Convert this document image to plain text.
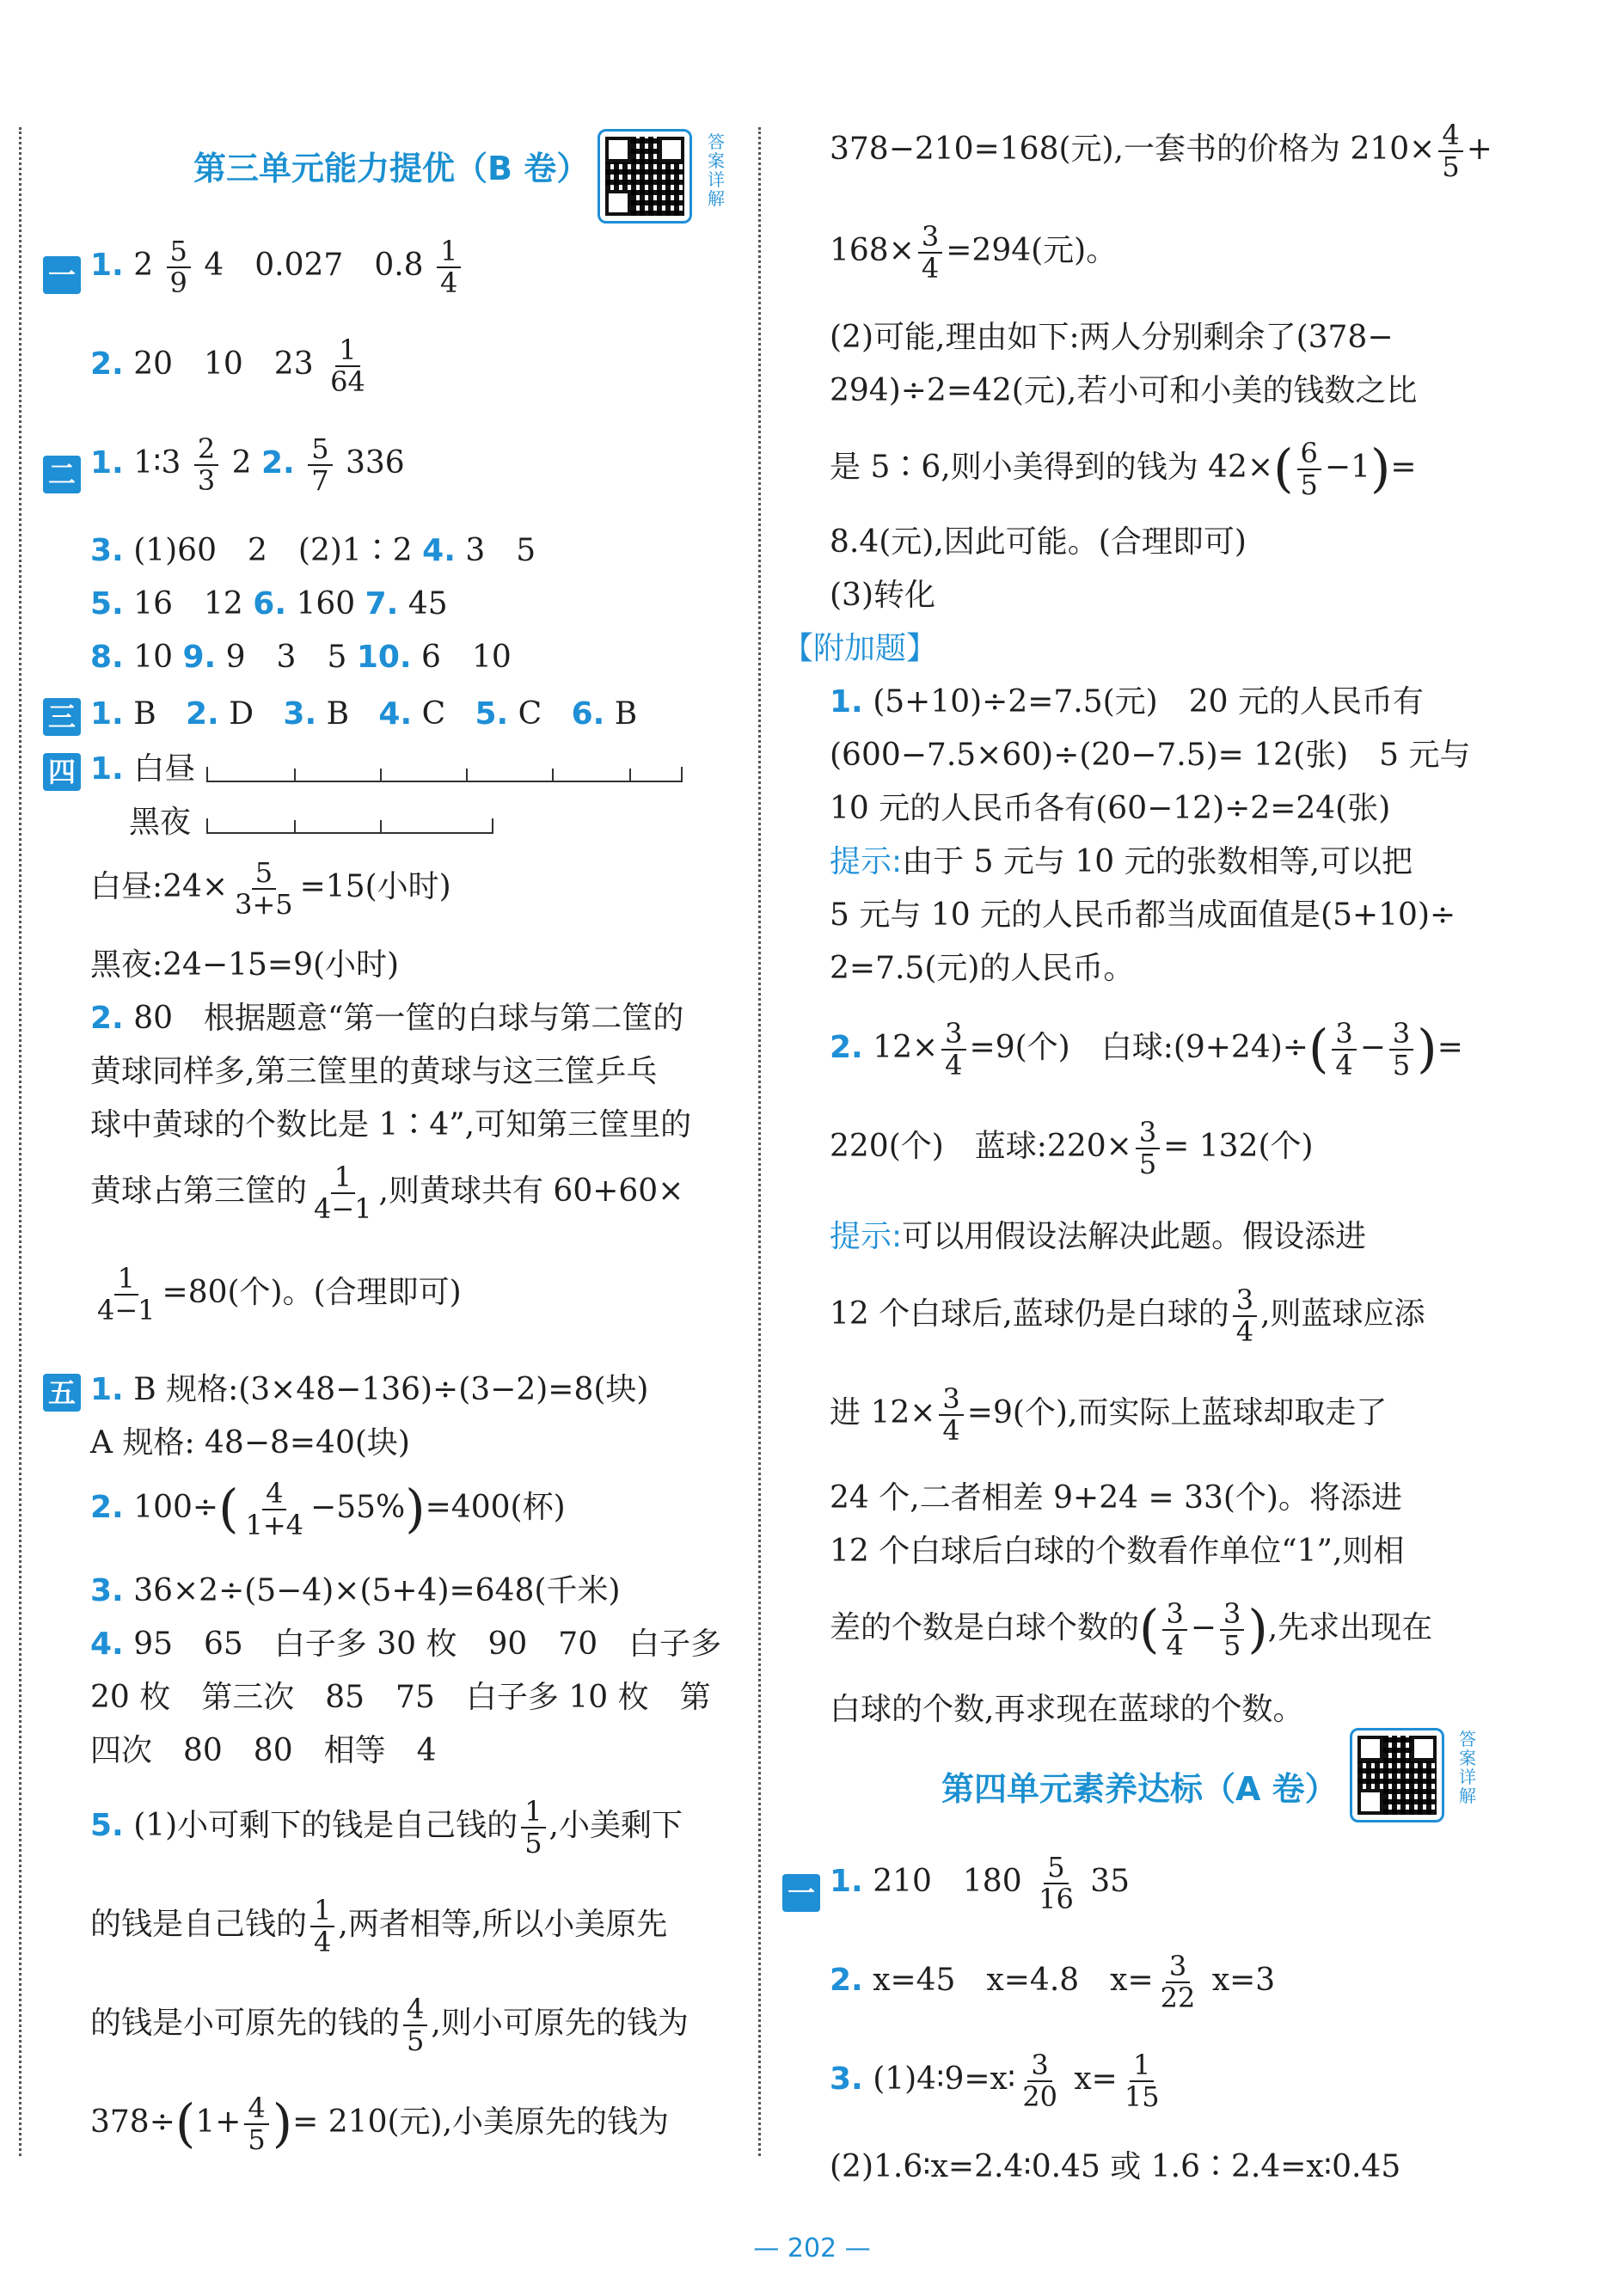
第三单元能力提优（B 卷）
答
案
详
解
一 1. $2 \frac{5}{9} 4$　0.027　$0.8 \frac{1}{4}$
2. 20　10　$23 \frac{1}{64}$
二 1. 1∶3 $\frac{2}{3} 2$ 2. $\frac{5}{7} 336$
3. (1)60　2　(2)1∶2 4. 3　5
5. 16　12 6. 160 7. 45
8. 10 9. 9　3　5 10. 6　10
三 1. B 2. D 3. B 4. C 5. C 6. B
四 1. 白昼
黑夜
白昼:24× $\frac{5}{3+5} =15$(小时)
黑夜:24−15=9(小时)
2. 80　根据题意“第一筐的白球与第二筐的
黄球同样多,第三筐里的黄球与这三筐乒乓
球中黄球的个数比是 1∶4”,可知第三筐里的
黄球占第三筐的 $\frac{1}{4-1}$ ,则黄球共有 60+60×
$\frac{1}{4-1} =80$(个)。(合理即可)
五 1. B 规格:(3×48−136)÷(3−2)=8(块)
A 规格: 48−8=40(块)
2. $100\div( \frac{4}{1+4} -55\%)=400$(杯)
3. 36×2÷(5−4)×(5+4)=648(千米)
4. 95　65　白子多 30 枚　90　70　白子多
20 枚　第三次　85　75　白子多 10 枚　第
四次　80　80　相等　4
5. (1)小可剩下的钱是自己钱的 $\frac{1}{5}$ ,小美剩下
的钱是自己钱的 $\frac{1}{4}$ ,两者相等,所以小美原先
的钱是小可原先的钱的 $\frac{4}{5}$ ,则小可原先的钱为
$378\div(1+ \frac{4}{5}$ )= 210(元),小美原先的钱为
378−210=168(元),一套书的价格为 $210\times \frac{4}{5}$ +
$168\times \frac{3}{4} =294$(元)。
(2)可能,理由如下:两人分别剩余了(378−
294)÷2=42(元),若小可和小美的钱数之比
是 5∶6,则小美得到的钱为 $42\times( \frac{6}{5} -1)=$
8.4(元),因此可能。(合理即可)
(3)转化
【附加题】
1. (5+10)÷2=7.5(元)　20 元的人民币有
(600−7.5×60)÷(20−7.5)= 12(张)　5 元与
10 元的人民币各有(60−12)÷2=24(张)
提示:由于 5 元与 10 元的张数相等,可以把
5 元与 10 元的人民币都当成面值是(5+10)÷
2=7.5(元)的人民币。
2. $12\times \frac{3}{4} =9$(个)　白球:(9+24)÷( $\frac{3}{4} - \frac{3}{5}$ )=
220(个)　蓝球:220× $\frac{3}{5} = 132$(个)
提示:可以用假设法解决此题。假设添进
12 个白球后,蓝球仍是白球的 $\frac{3}{4}$ ,则蓝球应添
进 $12\times \frac{3}{4} =9$(个),而实际上蓝球却取走了
24 个,二者相差 9+24 = 33(个)。将添进
12 个白球后白球的个数看作单位“1”,则相
差的个数是白球个数的( $\frac{3}{4} - \frac{3}{5}$ ),先求出现在
白球的个数,再求现在蓝球的个数。
第四单元素养达标（A 卷）
答
案
详
解
一 1. 210　$180 \frac{5}{16} 35$
2. x=45　x=4.8　$x= \frac{3}{22} x=3$
3. (1)4∶9=x∶ $\frac{3}{20} x= \frac{1}{15}$
(2)1.6∶x=2.4∶0.45 或 1.6∶2.4=x∶0.45
— 202 —
